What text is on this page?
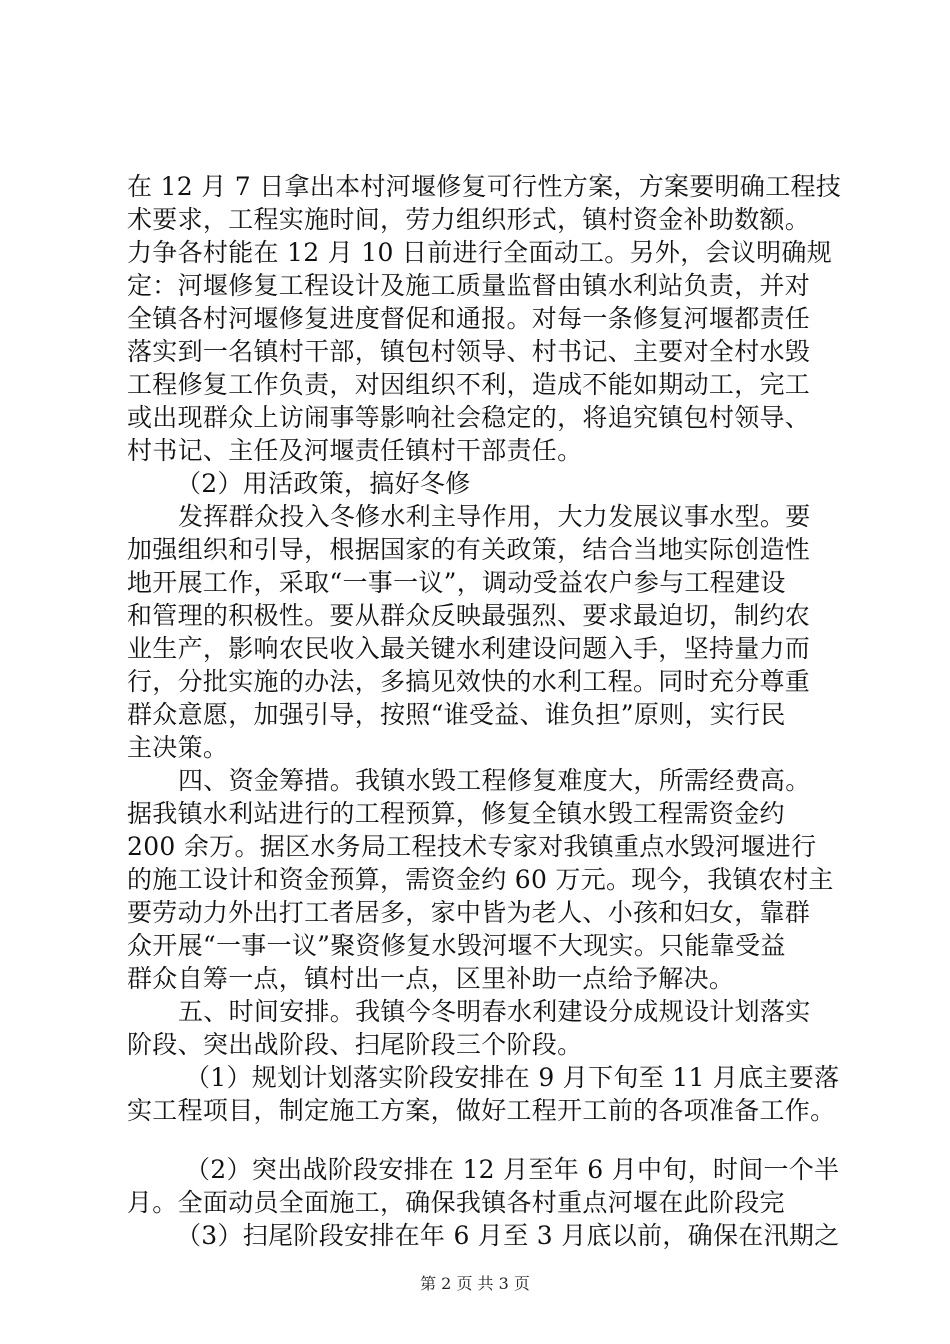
在 12 月 7 日拿出本村河堰修复可行性方案，方案要明确工程技
术要求，工程实施时间，劳力组织形式，镇村资金补助数额。
力争各村能在 12 月 10 日前进行全面动工。另外，会议明确规
定：河堰修复工程设计及施工质量监督由镇水利站负责，并对
全镇各村河堰修复进度督促和通报。对每一条修复河堰都责任
落实到一名镇村干部，镇包村领导、村书记、主要对全村水毁
工程修复工作负责，对因组织不利，造成不能如期动工，完工
或出现群众上访闹事等影响社会稳定的，将追究镇包村领导、
村书记、主任及河堰责任镇村干部责任。
（2）用活政策，搞好冬修
发挥群众投入冬修水利主导作用，大力发展议事水型。要
加强组织和引导，根据国家的有关政策，结合当地实际创造性
地开展工作，采取“一事一议”，调动受益农户参与工程建设
和管理的积极性。要从群众反映最强烈、要求最迫切，制约农
业生产，影响农民收入最关键水利建设问题入手，坚持量力而
行，分批实施的办法，多搞见效快的水利工程。同时充分尊重
群众意愿，加强引导，按照“谁受益、谁负担”原则，实行民
主决策。
四、资金筹措。我镇水毁工程修复难度大，所需经费高。
据我镇水利站进行的工程预算，修复全镇水毁工程需资金约
200 余万。据区水务局工程技术专家对我镇重点水毁河堰进行
的施工设计和资金预算，需资金约 60 万元。现今，我镇农村主
要劳动力外出打工者居多，家中皆为老人、小孩和妇女，靠群
众开展“一事一议”聚资修复水毁河堰不大现实。只能靠受益
群众自筹一点，镇村出一点，区里补助一点给予解决。
五、时间安排。我镇今冬明春水利建设分成规设计划落实
阶段、突出战阶段、扫尾阶段三个阶段。
（1）规划计划落实阶段安排在 9 月下旬至 11 月底主要落
实工程项目，制定施工方案，做好工程开工前的各项准备工作。
（2）突出战阶段安排在 12 月至年 6 月中旬，时间一个半
月。全面动员全面施工，确保我镇各村重点河堰在此阶段完
（3）扫尾阶段安排在年 6 月至 3 月底以前，确保在汛期之
第 2 页 共 3 页
